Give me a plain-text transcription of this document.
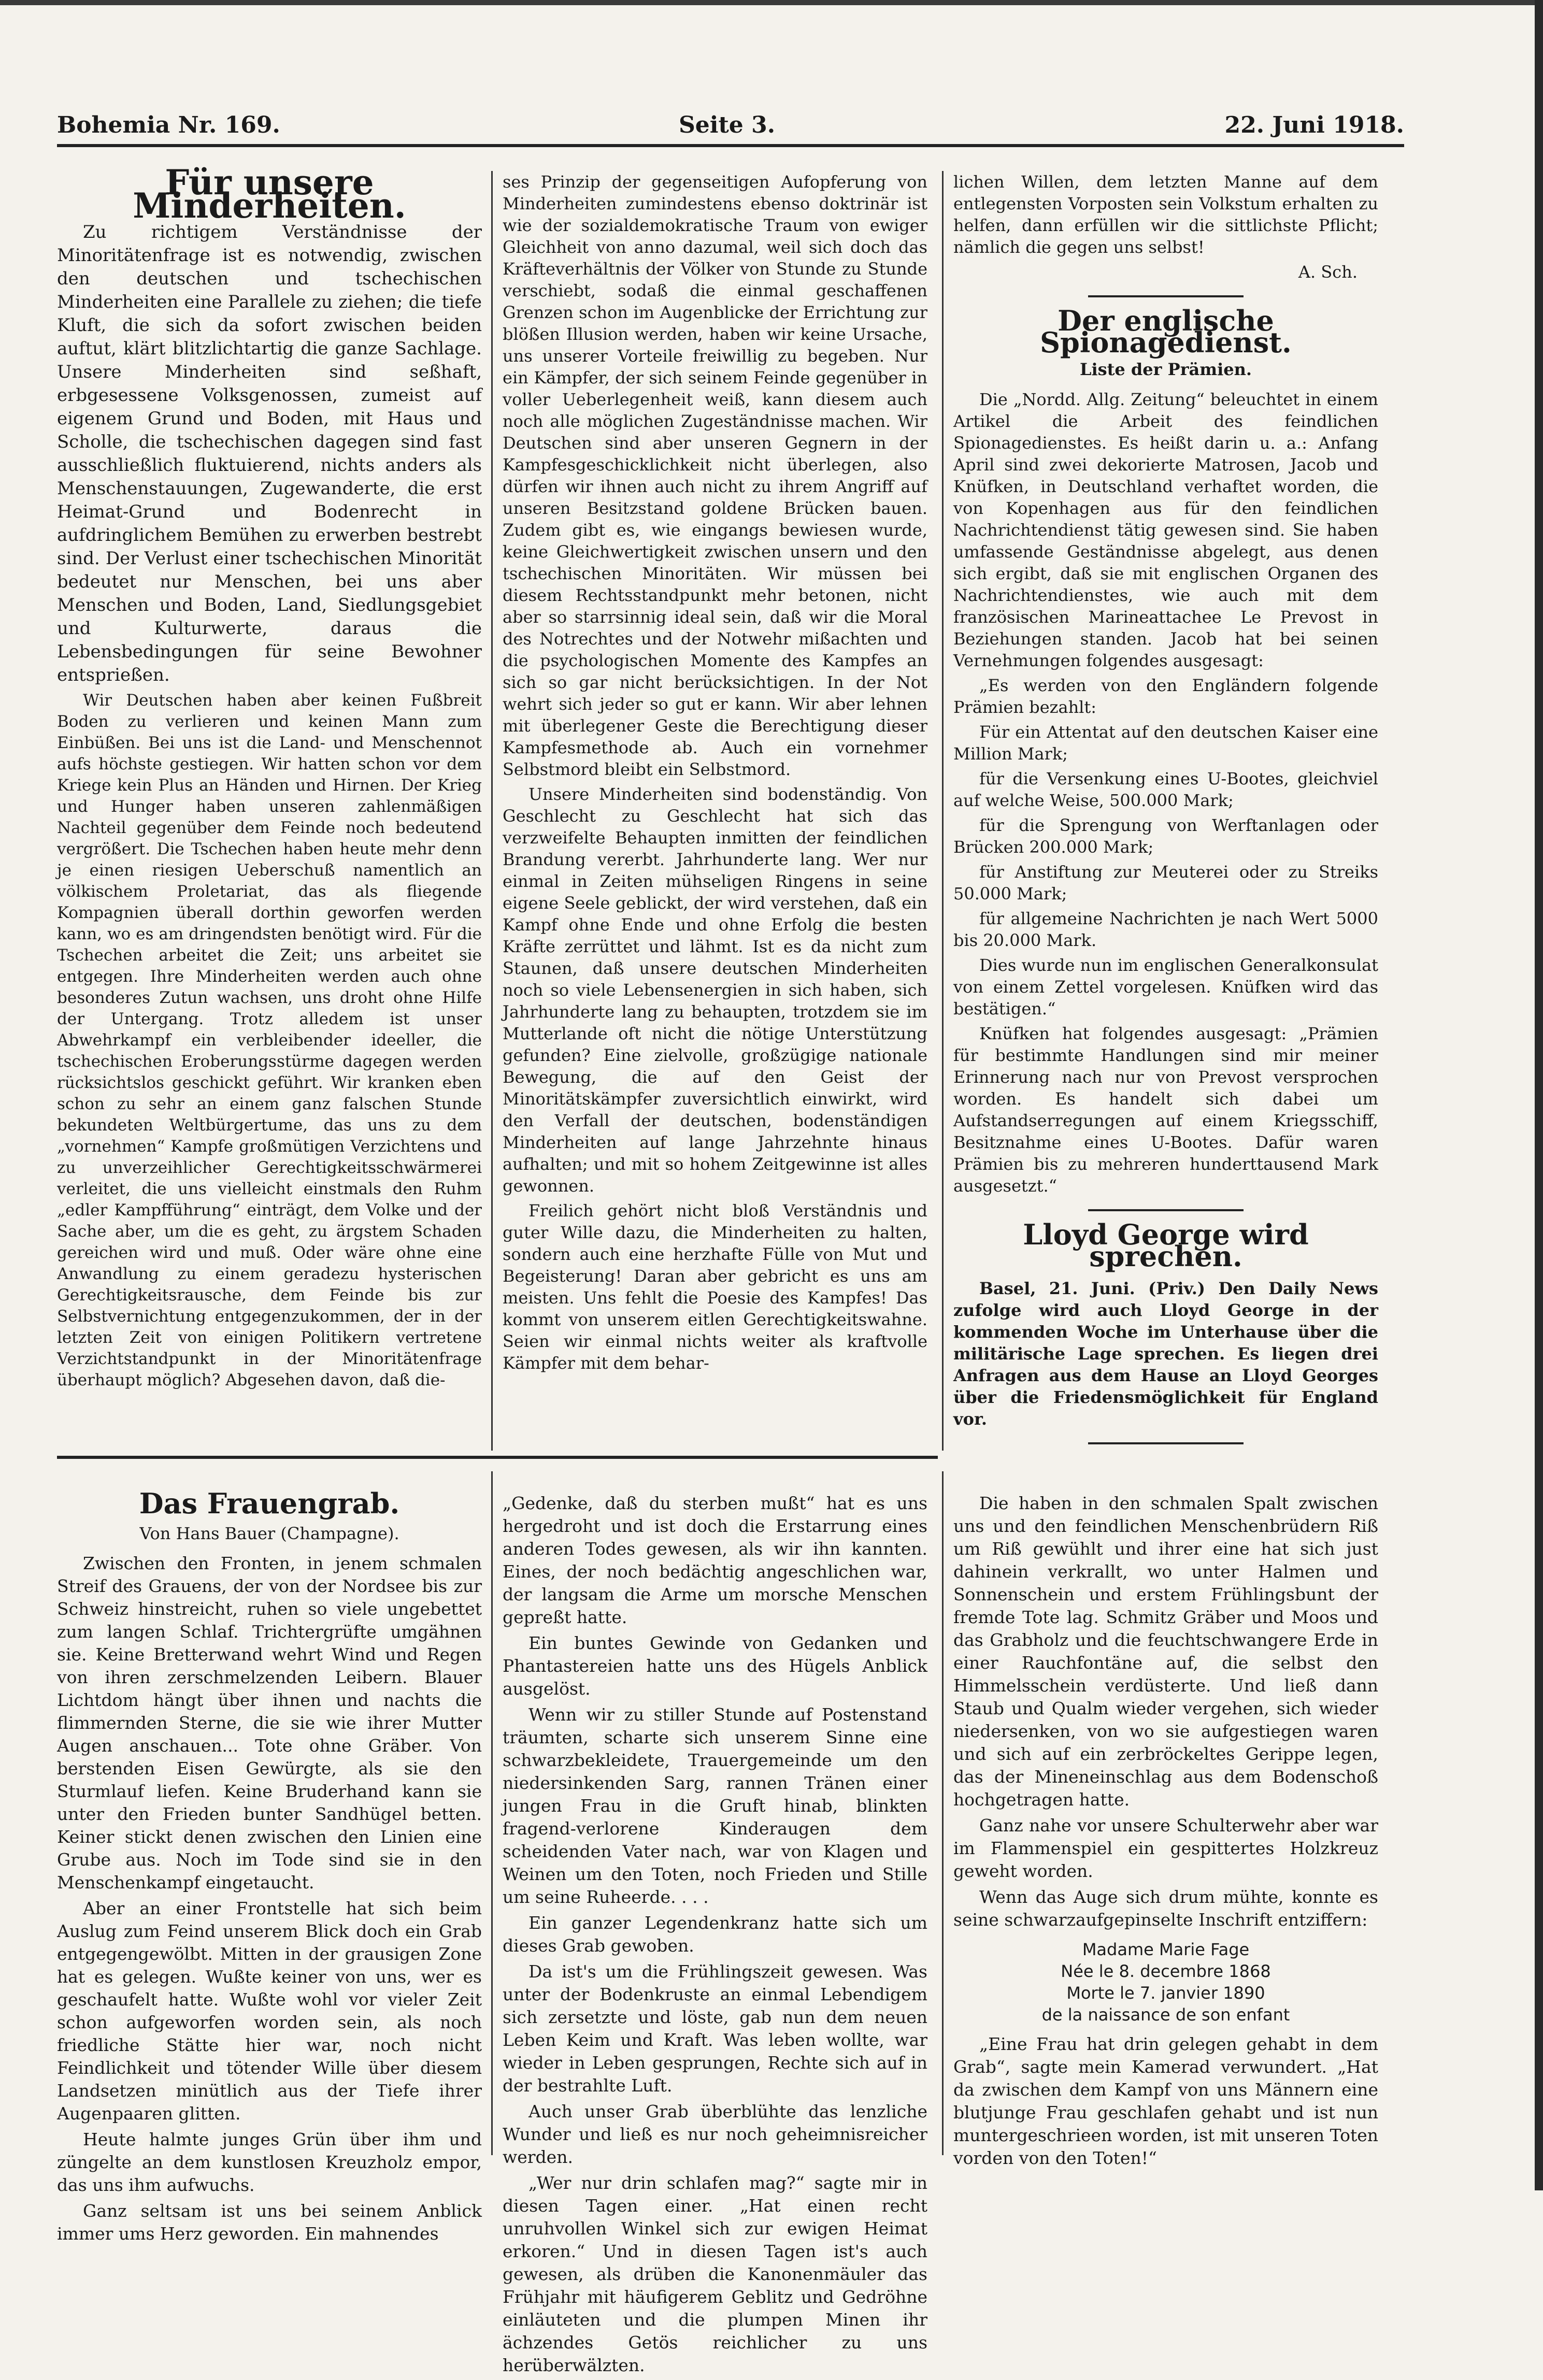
Bohemia Nr. 169.	Seite 3.	22. Juni 1918.

Für unsere Minderheiten.

Zu richtigem Verständnisse der Minoritätenfrage ist es notwendig, zwischen den deutschen und tschechischen Minderheiten eine Parallele zu ziehen; die tiefe Kluft, die sich da sofort zwischen beiden auftut, klärt blitzlichtartig die ganze Sachlage. Unsere Minderheiten sind seßhaft, erbgesessene Volksgenossen, zumeist auf eigenem Grund und Boden, mit Haus und Scholle, die tschechischen dagegen sind fast ausschließlich fluktuierend, nichts anders als Menschenstauungen, Zugewanderte, die erst Heimat-Grund und Bodenrecht in aufdringlichem Bemühen zu erwerben bestrebt sind. Der Verlust einer tschechischen Minorität bedeutet nur Menschen, bei uns aber Menschen und Boden, Land, Siedlungsgebiet und Kulturwerte, daraus die Lebensbedingungen für seine Bewohner entsprießen.

Wir Deutschen haben aber keinen Fußbreit Boden zu verlieren und keinen Mann zum Einbüßen. Bei uns ist die Land- und Menschennot aufs höchste gestiegen. Wir hatten schon vor dem Kriege kein Plus an Händen und Hirnen. Der Krieg und Hunger haben unseren zahlenmäßigen Nachteil gegenüber dem Feinde noch bedeutend vergrößert. Die Tschechen haben heute mehr denn je einen riesigen Ueberschuß namentlich an völkischem Proletariat, das als fliegende Kompagnien überall dorthin geworfen werden kann, wo es am dringendsten benötigt wird. Für die Tschechen arbeitet die Zeit; uns arbeitet sie entgegen. Ihre Minderheiten werden auch ohne besonderes Zutun wachsen, uns droht ohne Hilfe der Untergang. Trotz alledem ist unser Abwehrkampf ein verbleibender ideeller, die tschechischen Eroberungsstürme dagegen werden rücksichtslos geschickt geführt. Wir kranken eben schon zu sehr an einem ganz falschen Stunde bekundeten Weltbürgertume, das uns zu dem „vornehmen“ Kampfe großmütigen Verzichtens und zu unverzeihlicher Gerechtigkeitsschwärmerei verleitet, die uns vielleicht einstmals den Ruhm „edler Kampfführung“ einträgt, dem Volke und der Sache aber, um die es geht, zu ärgstem Schaden gereichen wird und muß. Oder wäre ohne eine Anwandlung zu einem geradezu hysterischen Gerechtigkeitsrausche, dem Feinde bis zur Selbstvernichtung entgegenzukommen, der in der letzten Zeit von einigen Politikern vertretene Verzichtstandpunkt in der Minoritätenfrage überhaupt möglich? Abgesehen davon, daß die-

ses Prinzip der gegenseitigen Aufopferung von Minderheiten zumindestens ebenso doktrinär ist wie der sozialdemokratische Traum von ewiger Gleichheit von anno dazumal, weil sich doch das Kräfteverhältnis der Völker von Stunde zu Stunde verschiebt, sodaß die einmal geschaffenen Grenzen schon im Augenblicke der Errichtung zur blößen Illusion werden, haben wir keine Ursache, uns unserer Vorteile freiwillig zu begeben. Nur ein Kämpfer, der sich seinem Feinde gegenüber in voller Ueberlegenheit weiß, kann diesem auch noch alle möglichen Zugeständnisse machen. Wir Deutschen sind aber unseren Gegnern in der Kampfesgeschicklichkeit nicht überlegen, also dürfen wir ihnen auch nicht zu ihrem Angriff auf unseren Besitzstand goldene Brücken bauen. Zudem gibt es, wie eingangs bewiesen wurde, keine Gleichwertigkeit zwischen unsern und den tschechischen Minoritäten. Wir müssen bei diesem Rechtsstandpunkt mehr betonen, nicht aber so starrsinnig ideal sein, daß wir die Moral des Notrechtes und der Notwehr mißachten und die psychologischen Momente des Kampfes an sich so gar nicht berücksichtigen. In der Not wehrt sich jeder so gut er kann. Wir aber lehnen mit überlegener Geste die Berechtigung dieser Kampfesmethode ab. Auch ein vornehmer Selbstmord bleibt ein Selbstmord.

Unsere Minderheiten sind bodenständig. Von Geschlecht zu Geschlecht hat sich das verzweifelte Behaupten inmitten der feindlichen Brandung vererbt. Jahrhunderte lang. Wer nur einmal in Zeiten mühseligen Ringens in seine eigene Seele geblickt, der wird verstehen, daß ein Kampf ohne Ende und ohne Erfolg die besten Kräfte zerrüttet und lähmt. Ist es da nicht zum Staunen, daß unsere deutschen Minderheiten noch so viele Lebensenergien in sich haben, sich Jahrhunderte lang zu behaupten, trotzdem sie im Mutterlande oft nicht die nötige Unterstützung gefunden? Eine zielvolle, großzügige nationale Bewegung, die auf den Geist der Minoritätskämpfer zuversichtlich einwirkt, wird den Verfall der deutschen, bodenständigen Minderheiten auf lange Jahrzehnte hinaus aufhalten; und mit so hohem Zeitgewinne ist alles gewonnen.

Freilich gehört nicht bloß Verständnis und guter Wille dazu, die Minderheiten zu halten, sondern auch eine herzhafte Fülle von Mut und Begeisterung! Daran aber gebricht es uns am meisten. Uns fehlt die Poesie des Kampfes! Das kommt von unserem eitlen Gerechtigkeitswahne. Seien wir einmal nichts weiter als kraftvolle Kämpfer mit dem behar-

lichen Willen, dem letzten Manne auf dem entlegensten Vorposten sein Volkstum erhalten zu helfen, dann erfüllen wir die sittlichste Pflicht; nämlich die gegen uns selbst!

A. Sch.

Der englische Spionagedienst.

Liste der Prämien.

Die „Nordd. Allg. Zeitung“ beleuchtet in einem Artikel die Arbeit des feindlichen Spionagedienstes. Es heißt darin u. a.: Anfang April sind zwei dekorierte Matrosen, Jacob und Knüfken, in Deutschland verhaftet worden, die von Kopenhagen aus für den feindlichen Nachrichtendienst tätig gewesen sind. Sie haben umfassende Geständnisse abgelegt, aus denen sich ergibt, daß sie mit englischen Organen des Nachrichtendienstes, wie auch mit dem französischen Marineattachee Le Prevost in Beziehungen standen. Jacob hat bei seinen Vernehmungen folgendes ausgesagt:

„Es werden von den Engländern folgende Prämien bezahlt:

Für ein Attentat auf den deutschen Kaiser eine Million Mark;

für die Versenkung eines U-Bootes, gleichviel auf welche Weise, 500.000 Mark;

für die Sprengung von Werftanlagen oder Brücken 200.000 Mark;

für Anstiftung zur Meuterei oder zu Streiks 50.000 Mark;

für allgemeine Nachrichten je nach Wert 5000 bis 20.000 Mark.

Dies wurde nun im englischen Generalkonsulat von einem Zettel vorgelesen. Knüfken wird das bestätigen.“

Knüfken hat folgendes ausgesagt: „Prämien für bestimmte Handlungen sind mir meiner Erinnerung nach nur von Prevost versprochen worden. Es handelt sich dabei um Aufstandserregungen auf einem Kriegsschiff, Besitznahme eines U-Bootes. Dafür waren Prämien bis zu mehreren hunderttausend Mark ausgesetzt.“

Lloyd George wird sprechen.

Basel, 21. Juni. (Priv.) Den Daily News zufolge wird auch Lloyd George in der kommenden Woche im Unterhause über die militärische Lage sprechen. Es liegen drei Anfragen aus dem Hause an Lloyd Georges über die Friedensmöglichkeit für England vor.

Das Frauengrab.

Von Hans Bauer (Champagne).

Zwischen den Fronten, in jenem schmalen Streif des Grauens, der von der Nordsee bis zur Schweiz hinstreicht, ruhen so viele ungebettet zum langen Schlaf. Trichtergrüfte umgähnen sie. Keine Bretterwand wehrt Wind und Regen von ihren zerschmelzenden Leibern. Blauer Lichtdom hängt über ihnen und nachts die flimmernden Sterne, die sie wie ihrer Mutter Augen anschauen... Tote ohne Gräber. Von berstenden Eisen Gewürgte, als sie den Sturmlauf liefen. Keine Bruderhand kann sie unter den Frieden bunter Sandhügel betten. Keiner stickt denen zwischen den Linien eine Grube aus. Noch im Tode sind sie in den Menschenkampf eingetaucht.

Aber an einer Frontstelle hat sich beim Auslug zum Feind unserem Blick doch ein Grab entgegengewölbt. Mitten in der grausigen Zone hat es gelegen. Wußte keiner von uns, wer es geschaufelt hatte. Wußte wohl vor vieler Zeit schon aufgeworfen worden sein, als noch friedliche Stätte hier war, noch nicht Feindlichkeit und tötender Wille über diesem Landsetzen minütlich aus der Tiefe ihrer Augenpaaren glitten.

Heute halmte junges Grün über ihm und züngelte an dem kunstlosen Kreuzholz empor, das uns ihm aufwuchs.

Ganz seltsam ist uns bei seinem Anblick immer ums Herz geworden. Ein mahnendes

„Gedenke, daß du sterben mußt“ hat es uns hergedroht und ist doch die Erstarrung eines anderen Todes gewesen, als wir ihn kannten. Eines, der noch bedächtig angeschlichen war, der langsam die Arme um morsche Menschen gepreßt hatte.

Ein buntes Gewinde von Gedanken und Phantastereien hatte uns des Hügels Anblick ausgelöst.

Wenn wir zu stiller Stunde auf Postenstand träumten, scharte sich unserem Sinne eine schwarzbekleidete, Trauergemeinde um den niedersinkenden Sarg, rannen Tränen einer jungen Frau in die Gruft hinab, blinkten fragend-verlorene Kinderaugen dem scheidenden Vater nach, war von Klagen und Weinen um den Toten, noch Frieden und Stille um seine Ruheerde. . . .

Ein ganzer Legendenkranz hatte sich um dieses Grab gewoben.

Da ist's um die Frühlingszeit gewesen. Was unter der Bodenkruste an einmal Lebendigem sich zersetzte und löste, gab nun dem neuen Leben Keim und Kraft. Was leben wollte, war wieder in Leben gesprungen, Rechte sich auf in der bestrahlte Luft.

Auch unser Grab überblühte das lenzliche Wunder und ließ es nur noch geheimnisreicher werden.

„Wer nur drin schlafen mag?“ sagte mir in diesen Tagen einer. „Hat einen recht unruhvollen Winkel sich zur ewigen Heimat erkoren.“ Und in diesen Tagen ist's auch gewesen, als drüben die Kanonenmäuler das Frühjahr mit häufigerem Geblitz und Gedröhne einläuteten und die plumpen Minen ihr ächzendes Getös reichlicher zu uns herüberwälzten.

Die haben in den schmalen Spalt zwischen uns und den feindlichen Menschenbrüdern Riß um Riß gewühlt und ihrer eine hat sich just dahinein verkrallt, wo unter Halmen und Sonnenschein und erstem Frühlingsbunt der fremde Tote lag. Schmitz Gräber und Moos und das Grabholz und die feuchtschwangere Erde in einer Rauchfontäne auf, die selbst den Himmelsschein verdüsterte. Und ließ dann Staub und Qualm wieder vergehen, sich wieder niedersenken, von wo sie aufgestiegen waren und sich auf ein zerbröckeltes Gerippe legen, das der Mineneinschlag aus dem Bodenschoß hochgetragen hatte.

Ganz nahe vor unsere Schulterwehr aber war im Flammenspiel ein gespittertes Holzkreuz geweht worden.

Wenn das Auge sich drum mühte, konnte es seine schwarzaufgepinselte Inschrift entziffern:

Madame Marie Fage
Née le 8. decembre 1868
Morte le 7. janvier 1890
de la naissance de son enfant

„Eine Frau hat drin gelegen gehabt in dem Grab“, sagte mein Kamerad verwundert. „Hat da zwischen dem Kampf von uns Männern eine blutjunge Frau geschlafen gehabt und ist nun muntergeschrieen worden, ist mit unseren Toten vorden von den Toten!“
